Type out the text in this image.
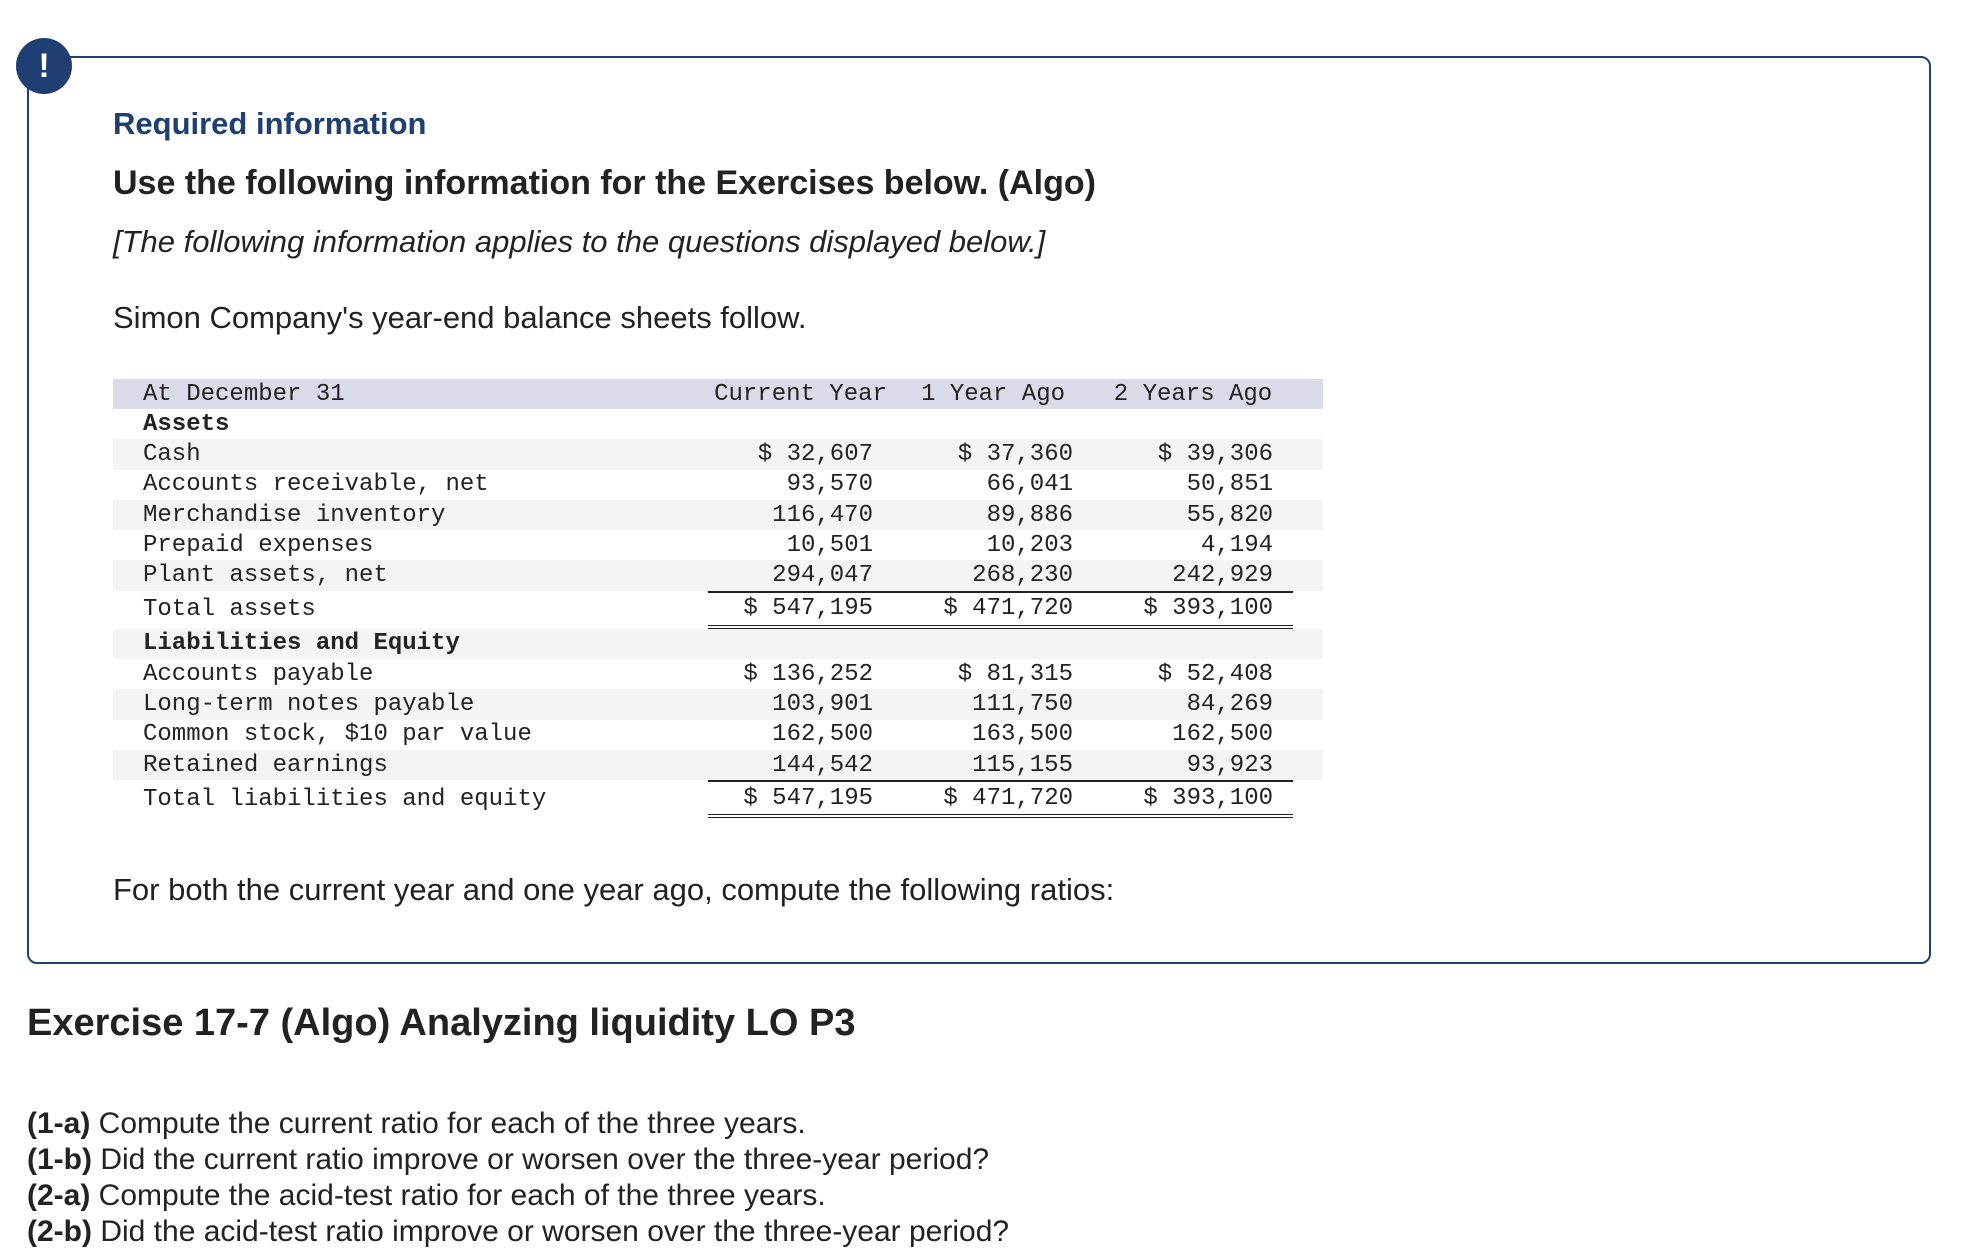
!
Required information
Use the following information for the Exercises below. (Algo)
[The following information applies to the questions displayed below.]
Simon Company's year-end balance sheets follow.
At December 31	Current Year	1 Year Ago	2 Years Ago
Assets
Cash	$ 32,607	$ 37,360	$ 39,306
Accounts receivable, net	93,570	66,041	50,851
Merchandise inventory	116,470	89,886	55,820
Prepaid expenses	10,501	10,203	4,194
Plant assets, net	294,047	268,230	242,929
Total assets	$ 547,195	$ 471,720	$ 393,100
Liabilities and Equity
Accounts payable	$ 136,252	$ 81,315	$ 52,408
Long-term notes payable	103,901	111,750	84,269
Common stock, $10 par value	162,500	163,500	162,500
Retained earnings	144,542	115,155	93,923
Total liabilities and equity	$ 547,195	$ 471,720	$ 393,100
For both the current year and one year ago, compute the following ratios:
Exercise 17-7 (Algo) Analyzing liquidity LO P3
(1-a) Compute the current ratio for each of the three years.
(1-b) Did the current ratio improve or worsen over the three-year period?
(2-a) Compute the acid-test ratio for each of the three years.
(2-b) Did the acid-test ratio improve or worsen over the three-year period?
